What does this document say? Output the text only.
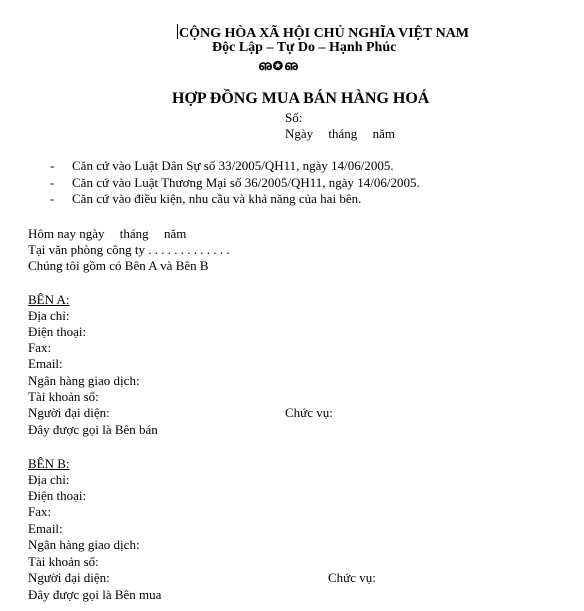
CỘNG HÒA XÃ HỘI CHỦ NGHĨA VIỆT NAM
Độc Lập – Tự Do – Hạnh Phúc
ഌ✪ഌ
HỢP ĐỒNG MUA BÁN HÀNG HOÁ
Số:
Ngày tháng năm
- Căn cứ vào Luật Dân Sự số 33/2005/QH11, ngày 14/06/2005.
- Căn cứ vào Luật Thương Mại số 36/2005/QH11, ngày 14/06/2005.
- Căn cứ vào điều kiện, nhu cầu và khả năng của hai bên.
Hôm nay ngày tháng năm
Tại văn phòng công ty . . . . . . . . . . . . .
Chúng tôi gồm có Bên A và Bên B
BÊN A:
Địa chỉ:
Điện thoại:
Fax:
Email:
Ngân hàng giao dịch:
Tài khoản số:
Người đại diện:	Chức vụ:
Đây được gọi là Bên bán
BÊN B:
Địa chỉ:
Điện thoại:
Fax:
Email:
Ngân hàng giao dịch:
Tài khoản số:
Người đại diện:	Chức vụ:
Đây được gọi là Bên mua
